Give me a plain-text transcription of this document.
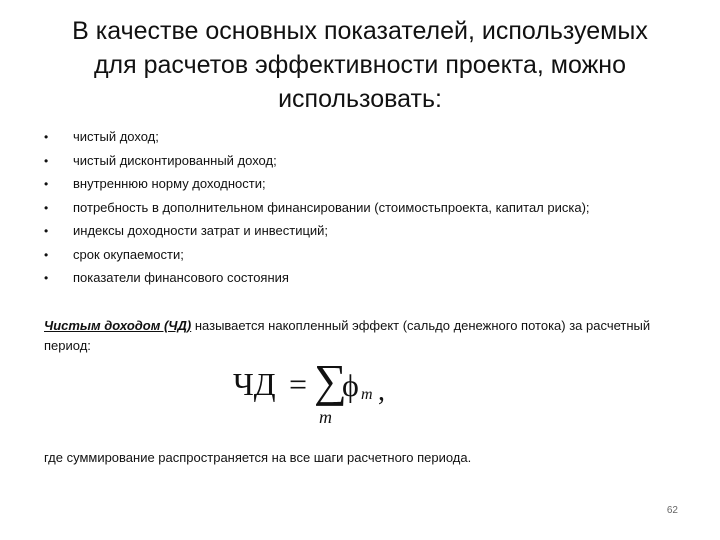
В качестве основных показателей, используемых
для расчетов эффективности проекта, можно
использовать:
•	чистый доход;
•	чистый дисконтированный доход;
•	внутреннюю норму доходности;
•	потребность в дополнительном финансировании (стоимостьпроекта, капитал риска);
•	индексы доходности затрат и инвестиций;
•	срок окупаемости;
•	показатели финансового состояния

Чистым доходом (ЧД) называется накопленный эффект (сальдо денежного потока) за расчетный период:

ЧД = ∑
ϕ m ,
m

где суммирование распространяется на все шаги расчетного периода.

62
